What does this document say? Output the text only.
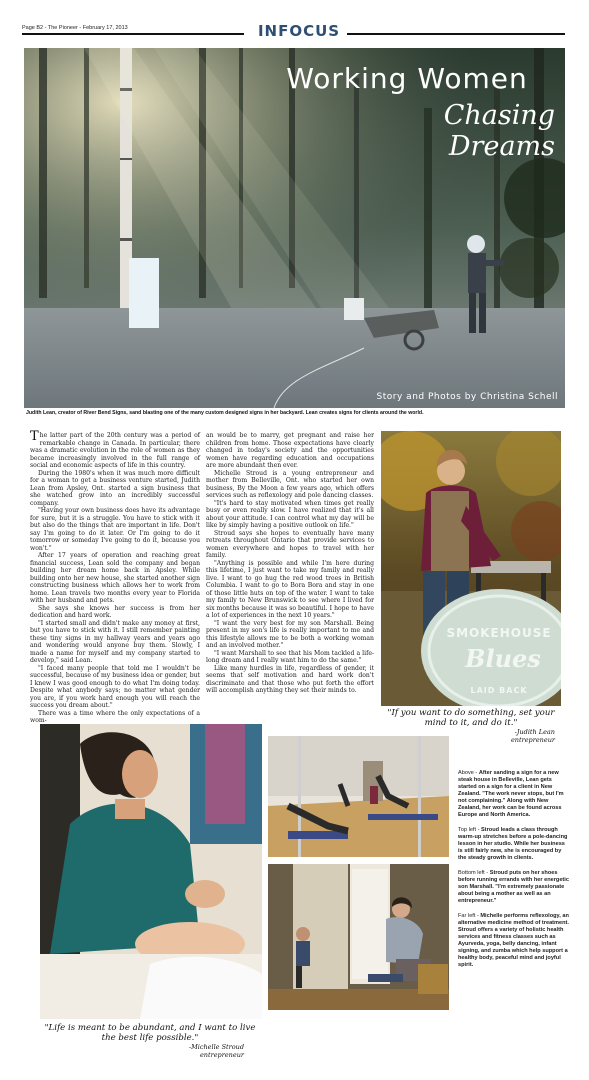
Page B2 - The Pioneer - February 17, 2013	INFOCUS
Working Women
Chasing Dreams
Story and Photos by Christina Schell
Judith Lean, creator of River Bend Signs, sand blasting one of the many custom designed signs in her backyard. Lean creates signs for clients around the world.

The latter part of the 20th century was a period of remarkable change in Canada. In particular, there was a dramatic evolution in the role of women as they became increasingly involved in the full range of social and economic aspects of life in this country.

During the 1980's when it was much more difficult for a woman to get a business venture started, Judith Lean from Apsley, Ont. started a sign business that she watched grow into an incredibly successful company.

"Having your own business does have its advantage for sure, but it is a struggle. You have to stick with it but also do the things that are important in life. Don't say I'm going to do it later. Or I'm going to do it tomorrow or someday I've going to do it, because you won't."

After 17 years of operation and reaching great financial success, Lean sold the company and began building her dream home back in Apsley. While building onto her new house, she started another sign constructing business which allows her to work from home. Lean travels two months every year to Florida with her husband and pets.

She says she knows her success is from her dedication and hard work.

"I started small and didn't make any money at first, but you have to stick with it. I still remember painting these tiny signs in my hallway years and years ago and wondering would anyone buy them. Slowly, I made a name for myself and my company started to develop," said Lean.

"I faced many people that told me I wouldn't be successful, because of my business idea or gender, but I knew I was good enough to do what I'm doing today. Despite what anybody says; no matter what gender you are, if you work hard enough you will reach the success you dream about."

There was a time where the only expectations of a wom-

an would be to marry, get pregnant and raise her children from home. Those expectations have clearly changed in today's society and the opportunities women have regarding education and occupations are more abundant then ever.

Michelle Stroud is a young entrepreneur and mother from Belleville, Ont. who started her own business, By the Moon a few years ago, which offers services such as reflexology and pole dancing classes.

"It's hard to stay motivated when times get really busy or even really slow. I have realized that it's all about your attitude. I can control what my day will be like by simply having a positive outlook on life."

Stroud says she hopes to eventually have many retreats throughout Ontario that provide services to women everywhere and hopes to travel with her family.

"Anything is possible and while I'm here during this lifetime, I just want to take my family and really live. I want to go hug the red wood trees in British Columbia. I want to go to Bora Bora and stay in one of those little huts on top of the water. I want to take my family to New Brunswick to see where I lived for six months because it was so beautiful. I hope to have a lot of experiences in the next 10 years."

"I want the very best for my son Marshall. Being present in my son's life is really important to me and this lifestyle allows me to be both a working woman and an involved mother."

"I want Marshall to see that his Mom tackled a life-long dream and I really want him to do the same."

Like many hurdles in life, regardless of gender, it seems that self motivation and hard work don't discriminate and that those who put forth the effort will accomplish anything they set their minds to.

SMOKEHOUSE
Blues
LAID BACK
"If you want to do something, set your mind to it, and do it."
-Judith Lean
entrepreneur
"Life is meant to be abundant, and I want to live the best life possible."
-Michelle Stroud
entrepreneur

Above - After sanding a sign for a new steak house in Belleville, Lean gets started on a sign for a client in New Zealand. "The work never stops, but I'm not complaining." Along with New Zealand, her work can be found across Europe and North America.

Top left - Stroud leads a class through warm-up stretches before a pole-dancing lesson in her studio. While her business is still fairly new, she is encouraged by the steady growth in clients.

Bottom left - Stroud puts on her shoes before running errands with her energetic son Marshall. "I'm extremely passionate about being a mother as well as an entrepreneur."

Far left - Michelle performs reflexology, an alternative medicine method of treatment. Stroud offers a variety of holistic health services and fitness classes such as Ayurveda, yoga, belly dancing, infant signing, and zumba which help support a healthy body, peaceful mind and joyful spirit.
